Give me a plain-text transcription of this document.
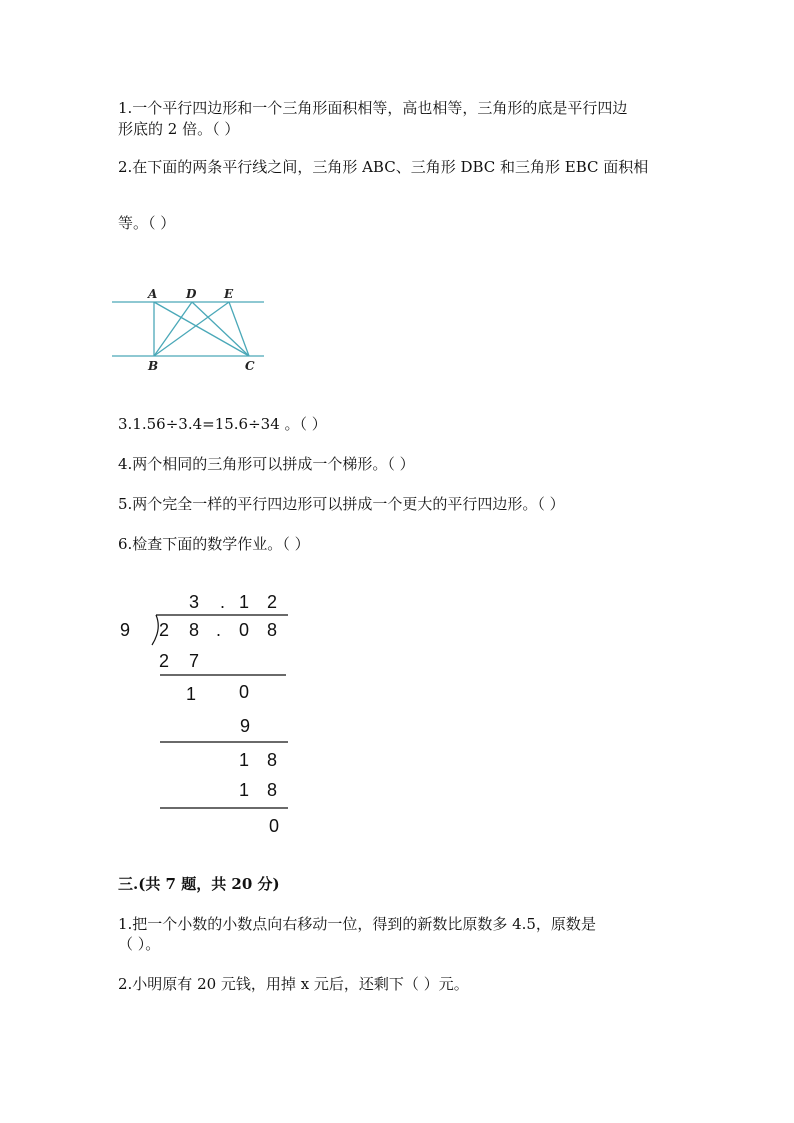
1.一个平行四边形和一个三角形面积相等，高也相等，三角形的底是平行四边
形底的 2 倍。（ ）
2.在下面的两条平行线之间，三角形 ABC、三角形 DBC 和三角形 EBC 面积相
等。（ ）
A D E
B	C
3.1.56÷3.4=15.6÷34 。（ ）
4.两个相同的三角形可以拼成一个梯形。（ ）
5.两个完全一样的平行四边形可以拼成一个更大的平行四边形。（ ）
6.检查下面的数学作业。（ ）
3 . 1 2
9 2 8 . 0 8
2 7
1 0
9
1 8
1 8
0
三.(共 7 题，共 20 分)
1.把一个小数的小数点向右移动一位，得到的新数比原数多 4.5，原数是
（ ）。
2.小明原有 20 元钱，用掉 x 元后，还剩下（ ）元。
